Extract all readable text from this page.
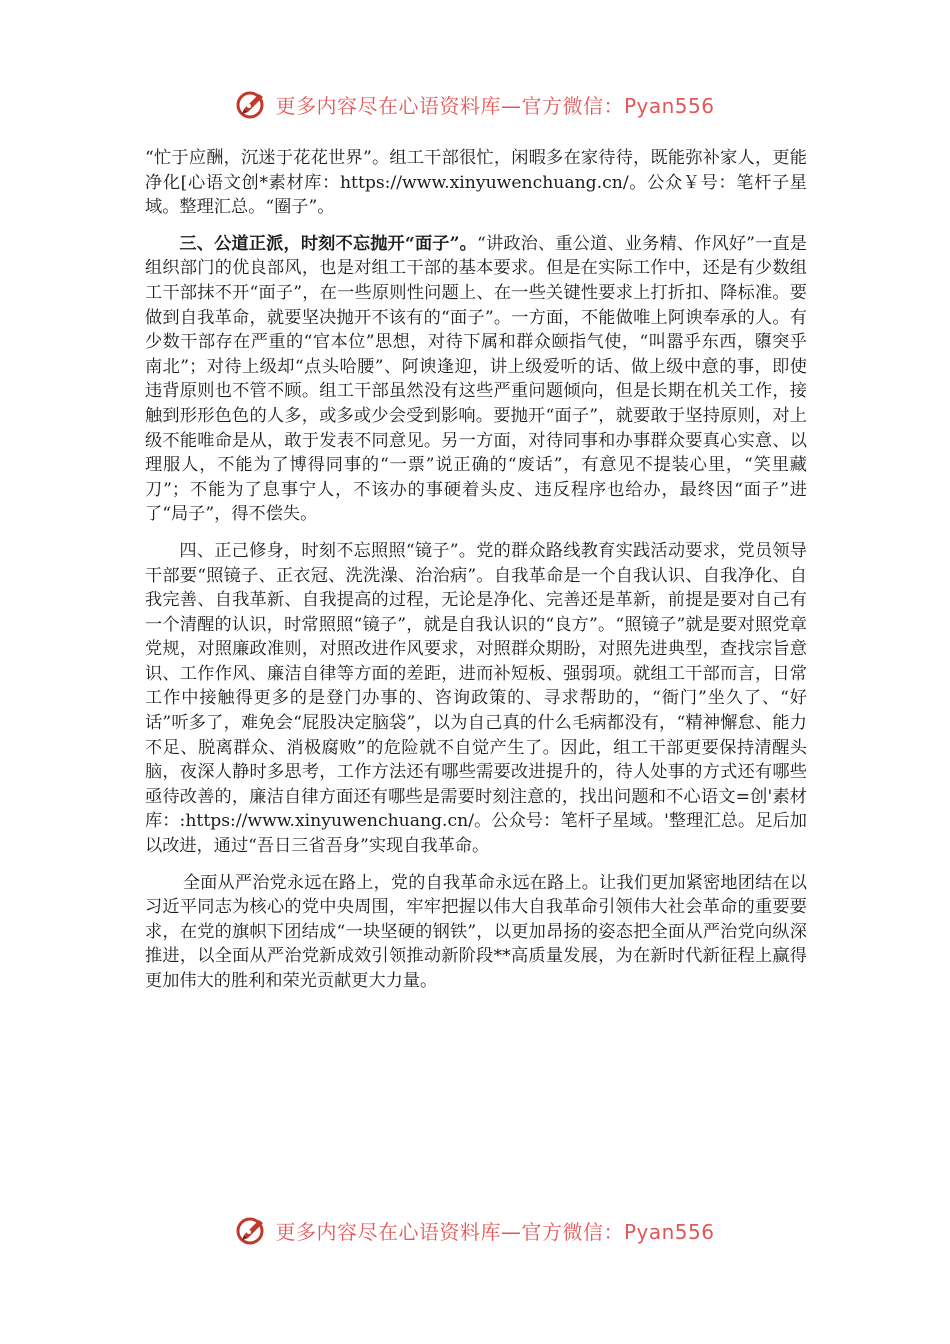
更多内容尽在心语资料库—官方微信：Pyan556

“忙于应酬，沉迷于花花世界”。组工干部很忙，闲暇多在家待待，既能弥补家人，更能净化[心语文创*素材库：https://www.xinyuwenchuang.cn/。公众￥号：笔杆子星域。整理汇总。“圈子”。

三、公道正派，时刻不忘抛开“面子”。“讲政治、重公道、业务精、作风好”一直是组织部门的优良部风，也是对组工干部的基本要求。但是在实际工作中，还是有少数组工干部抹不开“面子”，在一些原则性问题上、在一些关键性要求上打折扣、降标准。要做到自我革命，就要坚决抛开不该有的“面子”。一方面，不能做唯上阿谀奉承的人。有少数干部存在严重的“官本位”思想，对待下属和群众颐指气使，“叫嚣乎东西，隳突乎南北”；对待上级却“点头哈腰”、阿谀逢迎，讲上级爱听的话、做上级中意的事，即使违背原则也不管不顾。组工干部虽然没有这些严重问题倾向，但是长期在机关工作，接触到形形色色的人多，或多或少会受到影响。要抛开“面子”，就要敢于坚持原则，对上级不能唯命是从，敢于发表不同意见。另一方面，对待同事和办事群众要真心实意、以理服人，不能为了博得同事的“一票”说正确的“废话”，有意见不提装心里，“笑里藏刀”；不能为了息事宁人，不该办的事硬着头皮、违反程序也给办，最终因“面子”进了“局子”，得不偿失。

四、正己修身，时刻不忘照照“镜子”。党的群众路线教育实践活动要求，党员领导干部要“照镜子、正衣冠、洗洗澡、治治病”。自我革命是一个自我认识、自我净化、自我完善、自我革新、自我提高的过程，无论是净化、完善还是革新，前提是要对自己有一个清醒的认识，时常照照“镜子”，就是自我认识的“良方”。“照镜子”就是要对照党章党规，对照廉政准则，对照改进作风要求，对照群众期盼，对照先进典型，查找宗旨意识、工作作风、廉洁自律等方面的差距，进而补短板、强弱项。就组工干部而言，日常工作中接触得更多的是登门办事的、咨询政策的、寻求帮助的，“衙门”坐久了、“好话”听多了，难免会“屁股决定脑袋”，以为自己真的什么毛病都没有，“精神懈怠、能力不足、脱离群众、消极腐败”的危险就不自觉产生了。因此，组工干部更要保持清醒头脑，夜深人静时多思考，工作方法还有哪些需要改进提升的，待人处事的方式还有哪些亟待改善的，廉洁自律方面还有哪些是需要时刻注意的，找出问题和不心语文=创'素材库：:https://www.xinyuwenchuang.cn/。公众号：笔杆子星域。'整理汇总。足后加以改进，通过“吾日三省吾身”实现自我革命。

全面从严治党永远在路上，党的自我革命永远在路上。让我们更加紧密地团结在以习近平同志为核心的党中央周围，牢牢把握以伟大自我革命引领伟大社会革命的重要要求，在党的旗帜下团结成“一块坚硬的钢铁”，以更加昂扬的姿态把全面从严治党向纵深推进，以全面从严治党新成效引领推动新阶段**高质量发展，为在新时代新征程上赢得更加伟大的胜利和荣光贡献更大力量。

更多内容尽在心语资料库—官方微信：Pyan556
